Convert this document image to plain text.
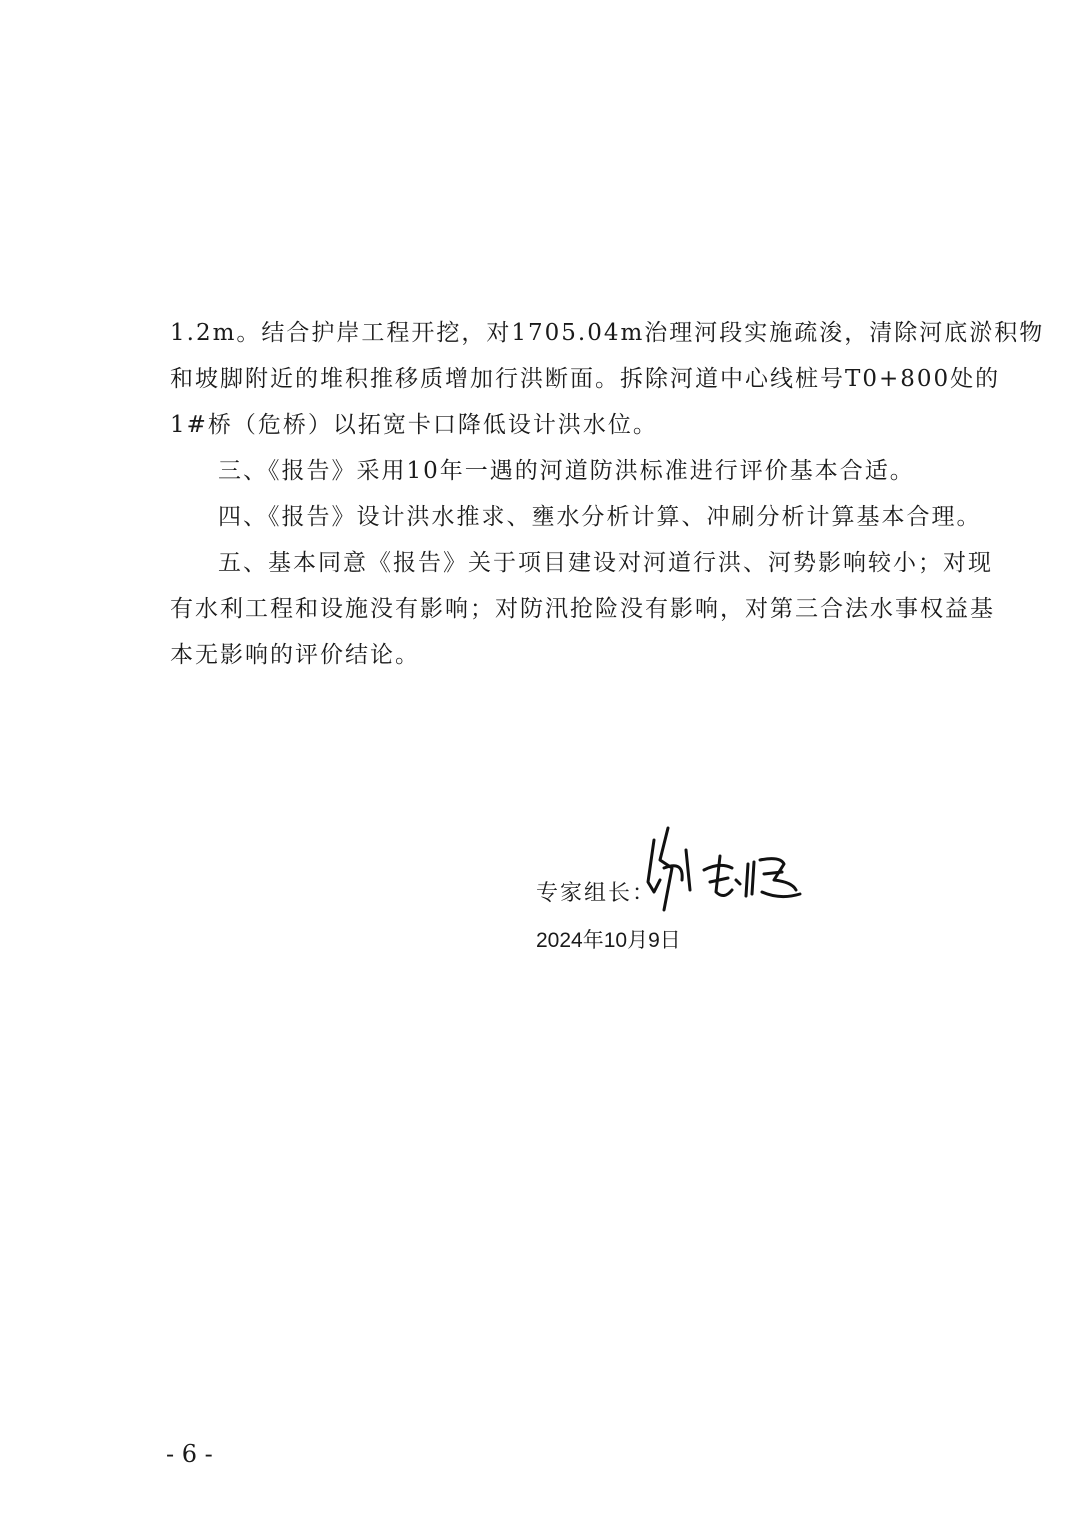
1.2m。结合护岸工程开挖，对1705.04m治理河段实施疏浚，清除河底淤积物
和坡脚附近的堆积推移质增加行洪断面。拆除河道中心线桩号T0+800处的
1#桥（危桥）以拓宽卡口降低设计洪水位。
三、《报告》采用10年一遇的河道防洪标准进行评价基本合适。
四、《报告》设计洪水推求、壅水分析计算、冲刷分析计算基本合理。
五、基本同意《报告》关于项目建设对河道行洪、河势影响较小；对现
有水利工程和设施没有影响；对防汛抢险没有影响，对第三合法水事权益基
本无影响的评价结论。
专家组长：
2024年10月9日
- 6 -
